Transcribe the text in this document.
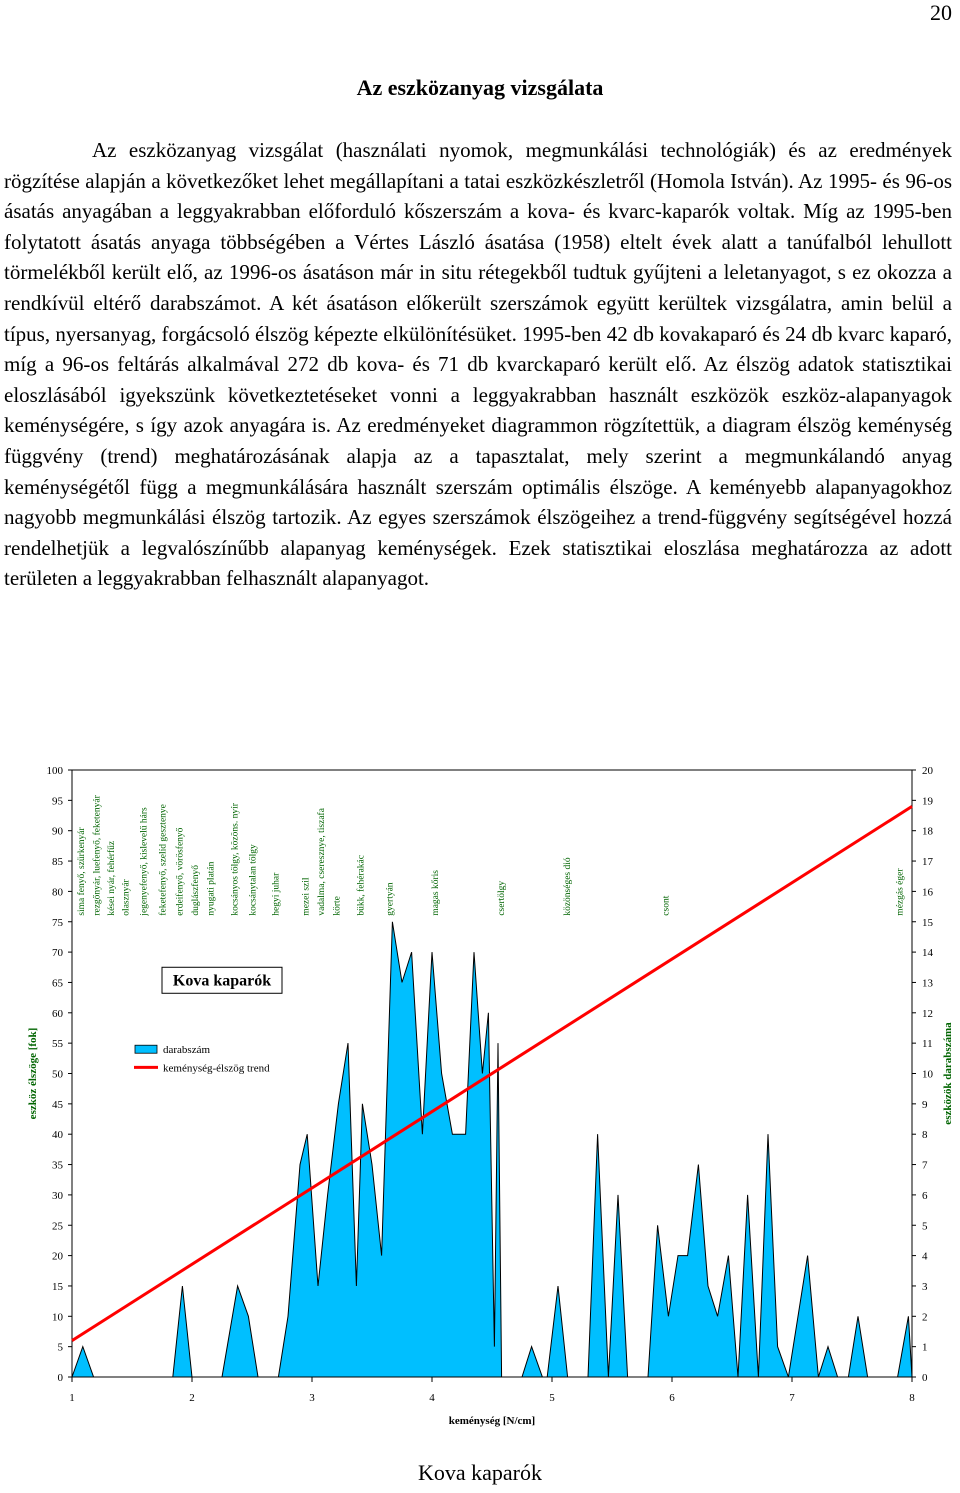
20
Az eszközanyag vizsgálata

Az eszközanyag vizsgálat (használati nyomok, megmunkálási technológiák) és az eredmények rögzítése alapján a következőket lehet megállapítani a tatai eszközkészletről (Homola István). Az 1995- és 96-os ásatás anyagában a leggyakrabban előforduló kőszerszám a kova- és kvarc-kaparók voltak. Míg az 1995-ben folytatott ásatás anyaga többségében a Vértes László ásatása (1958) eltelt évek alatt a tanúfalból lehullott törmelékből került elő, az 1996-os ásatáson már in situ rétegekből tudtuk gyűjteni a leletanyagot, s ez okozza a rendkívül eltérő darabszámot. A két ásatáson előkerült szerszámok együtt kerültek vizsgálatra, amin belül a típus, nyersanyag, forgácsoló élszög képezte elkülönítésüket. 1995-ben 42 db kovakaparó és 24 db kvarc kaparó, míg a 96-os feltárás alkalmával 272 db kova- és 71 db kvarckaparó került elő. Az élszög adatok statisztikai eloszlásából igyekszünk következtetéseket vonni a leggyakrabban használt eszközök eszköz-alapanyagok keménységére, s így azok anyagára is. Az eredményeket diagrammon rögzítettük, a diagram élszög keménység függvény (trend) meghatározásának alapja az a tapasztalat, mely szerint a megmunkálandó anyag keménységétől függ a megmunkálására használt szerszám optimális élszöge. A keményebb alapanyagokhoz nagyobb megmunkálási élszög tartozik. Az egyes szerszámok élszögeihez a trend-függvény segítségével hozzá rendelhetjük a legvalószínűbb alapanyag keménységek. Ezek statisztikai eloszlása meghatározza az adott területen a leggyakrabban felhasznált alapanyagot.

0
5
10
15
20
25
30
35
40
45
50
55
60
65
70
75
80
85
90
95
100
0
1
2
3
4
5
6
7
8
9
10
11
12
13
14
15
16
17
18
19
20
1	2	3	4	5	6	7	8
keménység [N/cm]
eszköz élszöge [fok]	eszközök darabszáma
sima fenyő, szürkenyár rezgőnyár, luefenyő, feketenyár kései nyár, fehérfűz olasznyár jegenyefenyő, kislevelű hárs feketefenyő, szelíd gesztenye erdeifenyő, vörösfenyő duglászfenyő nyugati platán kocsányos tölgy, közöns. nyír kocsánytalan tölgy hegyi juhar mezei szil vadalma, cseresznye, tiszafa körte bükk, fehérakác gyertyán	magas kőris	csertölgy	közönséges dió	csont	mézgás éger
darabszám
keménység-élszög trend
Kova kaparók
Kova kaparók
